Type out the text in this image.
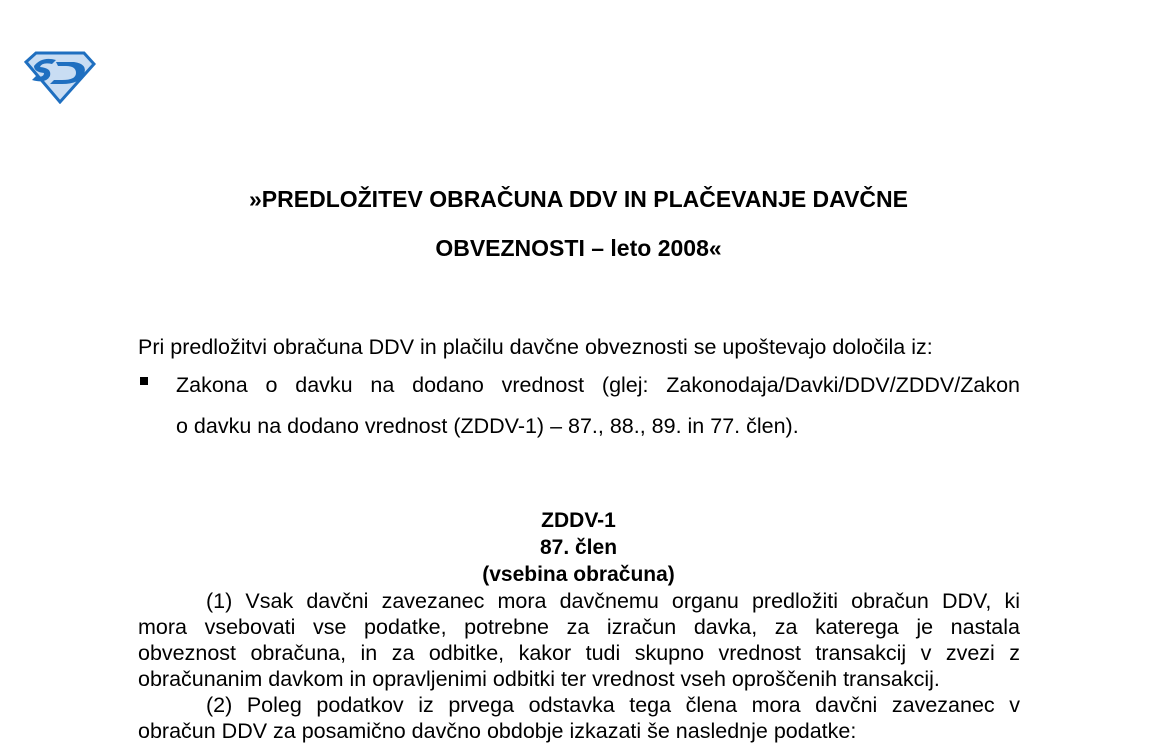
»PREDLOŽITEV OBRAČUNA DDV IN PLAČEVANJE DAVČNE
OBVEZNOSTI – leto 2008«
Pri predložitvi obračuna DDV in plačilu davčne obveznosti se upoštevajo določila iz:
Zakona o davku na dodano vrednost (glej: Zakonodaja/Davki/DDV/ZDDV/Zakon
o davku na dodano vrednost (ZDDV-1) – 87., 88., 89. in 77. člen).
ZDDV-1
87. člen
(vsebina obračuna)
(1) Vsak davčni zavezanec mora davčnemu organu predložiti obračun DDV, ki
mora vsebovati vse podatke, potrebne za izračun davka, za katerega je nastala
obveznost obračuna, in za odbitke, kakor tudi skupno vrednost transakcij v zvezi z
obračunanim davkom in opravljenimi odbitki ter vrednost vseh oproščenih transakcij.
(2) Poleg podatkov iz prvega odstavka tega člena mora davčni zavezanec v
obračun DDV za posamično davčno obdobje izkazati še naslednje podatke:
